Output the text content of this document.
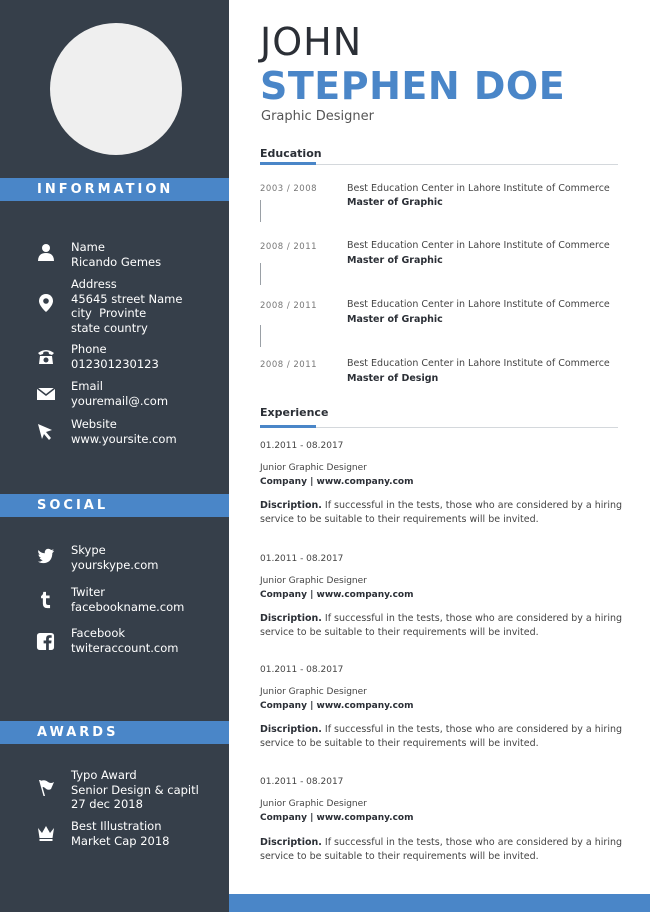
INFORMATION
Name
Ricando Gemes
Address
45645 street Name
city  Provinte
state country
Phone
012301230123
Email
youremail@.com
Website
www.yoursite.com
SOCIAL
Skype
yourskype.com
Twiter
facebookname.com
Facebook
twiteraccount.com
AWARDS
Typo Award
Senior Design & capitl
27 dec 2018
Best Illustration
Market Cap 2018
JOHN
STEPHEN DOE
Graphic Designer
Education
2003 / 2008	Best Education Center in Lahore Institute of Commerce
Master of Graphic
2008 / 2011	Best Education Center in Lahore Institute of Commerce
Master of Graphic
2008 / 2011	Best Education Center in Lahore Institute of Commerce
Master of Graphic
2008 / 2011	Best Education Center in Lahore Institute of Commerce
Master of Design
Experience
01.2011 - 08.2017
Junior Graphic Designer
Company | www.company.com
Discription. If successful in the tests, those who are considered by a hiring service to be suitable to their requirements will be invited.
01.2011 - 08.2017
Junior Graphic Designer
Company | www.company.com
Discription. If successful in the tests, those who are considered by a hiring service to be suitable to their requirements will be invited.
01.2011 - 08.2017
Junior Graphic Designer
Company | www.company.com
Discription. If successful in the tests, those who are considered by a hiring service to be suitable to their requirements will be invited.
01.2011 - 08.2017
Junior Graphic Designer
Company | www.company.com
Discription. If successful in the tests, those who are considered by a hiring service to be suitable to their requirements will be invited.
